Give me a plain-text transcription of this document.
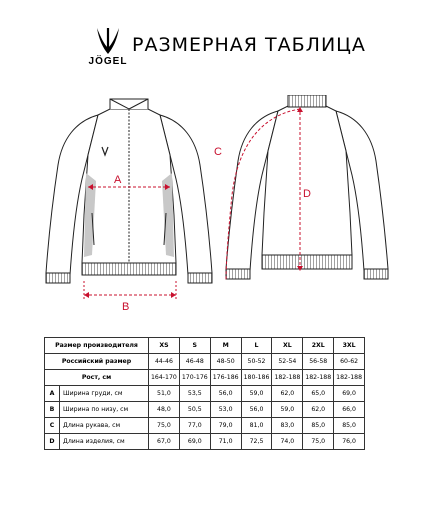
JÖGEL
РАЗМЕРНАЯ ТАБЛИЦА
A
B
C
D
Размер производителя		XS	S	M	L	XL	2XL	3XL
Российский размер		44-46	46-48	48-50	50-52	52-54	56-58	60-62
Рост, см		164-170	170-176	176-186	180-186	182-188	182-188	182-188
A	Ширина груди, см	51,0	53,5	56,0	59,0	62,0	65,0	69,0
B	Ширина по низу, см	48,0	50,5	53,0	56,0	59,0	62,0	66,0
C	Длина рукава, см	75,0	77,0	79,0	81,0	83,0	85,0	85,0
D	Длина изделия, см	67,0	69,0	71,0	72,5	74,0	75,0	76,0
